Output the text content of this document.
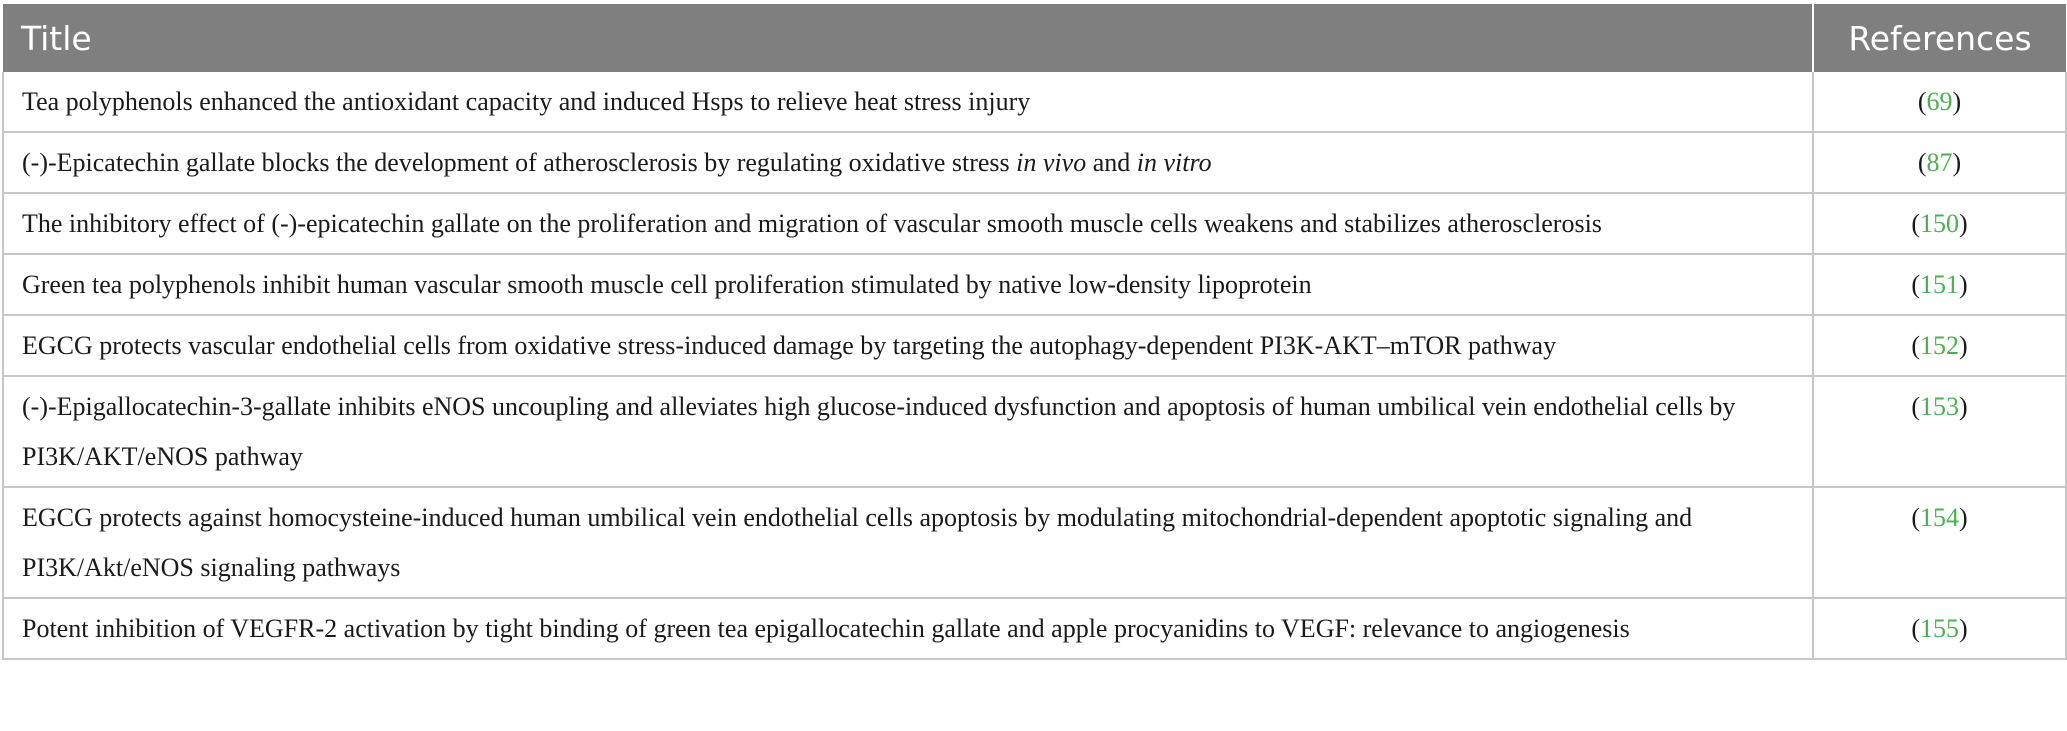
Title	References
Tea polyphenols enhanced the antioxidant capacity and induced Hsps to relieve heat stress injury	(69)
(-)-Epicatechin gallate blocks the development of atherosclerosis by regulating oxidative stress in vivo and in vitro	(87)
The inhibitory effect of (-)-epicatechin gallate on the proliferation and migration of vascular smooth muscle cells weakens and stabilizes atherosclerosis	(150)
Green tea polyphenols inhibit human vascular smooth muscle cell proliferation stimulated by native low-density lipoprotein	(151)
EGCG protects vascular endothelial cells from oxidative stress-induced damage by targeting the autophagy-dependent PI3K-AKT–mTOR pathway	(152)
(-)-Epigallocatechin-3-gallate inhibits eNOS uncoupling and alleviates high glucose-induced dysfunction and apoptosis of human umbilical vein endothelial cells by PI3K/AKT/eNOS pathway	(153)
EGCG protects against homocysteine-induced human umbilical vein endothelial cells apoptosis by modulating mitochondrial-dependent apoptotic signaling and PI3K/Akt/eNOS signaling pathways	(154)
Potent inhibition of VEGFR-2 activation by tight binding of green tea epigallocatechin gallate and apple procyanidins to VEGF: relevance to angiogenesis	(155)
